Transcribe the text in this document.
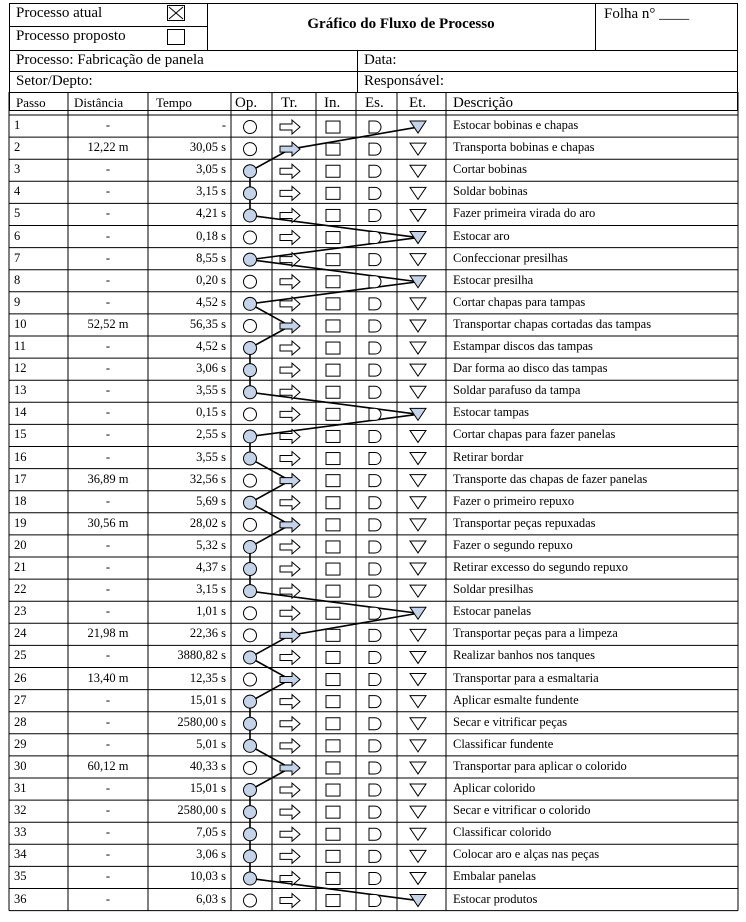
Processo atual
Processo proposto
Gráfico do Fluxo de Processo
Folha n° ____
Processo: Fabricação de panela	Data:
Setor/Depto:	Responsável:
Passo Distância	Tempo	Op. Tr. In. Es. Et. Descrição
1	-	-	Estocar bobinas e chapas
2	12,22 m	30,05 s	Transporta bobinas e chapas
3	-	3,05 s	Cortar bobinas
4	-	3,15 s	Soldar bobinas
5	-	4,21 s	Fazer primeira virada do aro
6	-	0,18 s	Estocar aro
7	-	8,55 s	Confeccionar presilhas
8	-	0,20 s	Estocar presilha
9	-	4,52 s	Cortar chapas para tampas
10	52,52 m	56,35 s	Transportar chapas cortadas das tampas
11	-	4,52 s	Estampar discos das tampas
12	-	3,06 s	Dar forma ao disco das tampas
13	-	3,55 s	Soldar parafuso da tampa
14	-	0,15 s	Estocar tampas
15	-	2,55 s	Cortar chapas para fazer panelas
16	-	3,55 s	Retirar bordar
17	36,89 m	32,56 s	Transporte das chapas de fazer panelas
18	-	5,69 s	Fazer o primeiro repuxo
19	30,56 m	28,02 s	Transportar peças repuxadas
20	-	5,32 s	Fazer o segundo repuxo
21	-	4,37 s	Retirar excesso do segundo repuxo
22	-	3,15 s	Soldar presilhas
23	-	1,01 s	Estocar panelas
24	21,98 m	22,36 s	Transportar peças para a limpeza
25	-	3880,82 s	Realizar banhos nos tanques
26	13,40 m	12,35 s	Transportar para a esmaltaria
27	-	15,01 s	Aplicar esmalte fundente
28	-	2580,00 s	Secar e vitrificar peças
29	-	5,01 s	Classificar fundente
30	60,12 m	40,33 s	Transportar para aplicar o colorido
31	-	15,01 s	Aplicar colorido
32	-	2580,00 s	Secar e vitrificar o colorido
33	-	7,05 s	Classificar colorido
34	-	3,06 s	Colocar aro e alças nas peças
35	-	10,03 s	Embalar panelas
36	-	6,03 s	Estocar produtos
